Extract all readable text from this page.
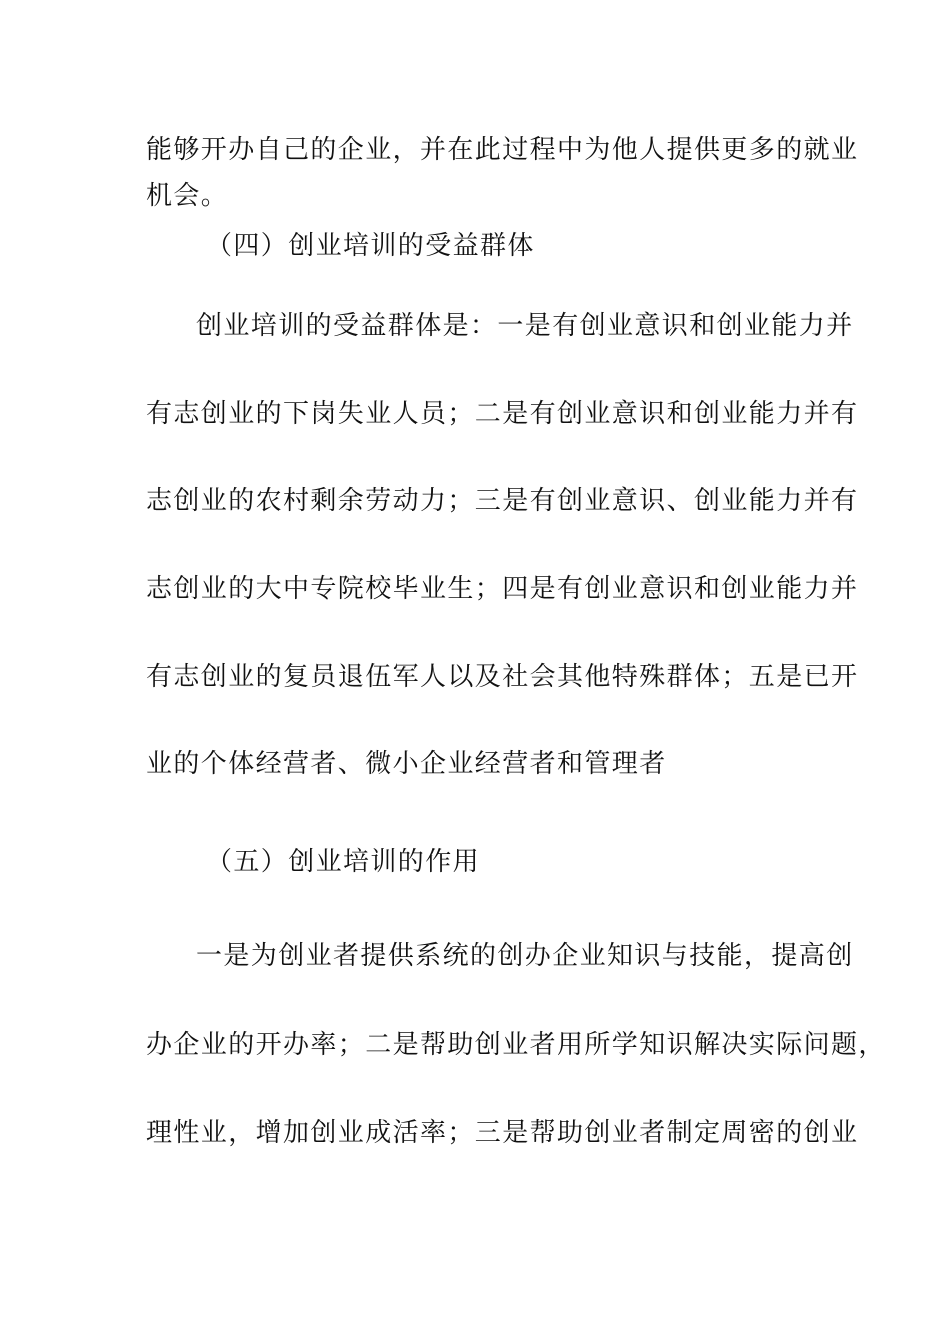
能够开办自己的企业，并在此过程中为他人提供更多的就业
机会。
（四）创业培训的受益群体
创业培训的受益群体是：一是有创业意识和创业能力并
有志创业的下岗失业人员；二是有创业意识和创业能力并有
志创业的农村剩余劳动力；三是有创业意识、创业能力并有
志创业的大中专院校毕业生；四是有创业意识和创业能力并
有志创业的复员退伍军人以及社会其他特殊群体；五是已开
业的个体经营者、微小企业经营者和管理者
（五）创业培训的作用
一是为创业者提供系统的创办企业知识与技能，提高创
办企业的开办率；二是帮助创业者用所学知识解决实际问题，
理性业，增加创业成活率；三是帮助创业者制定周密的创业
